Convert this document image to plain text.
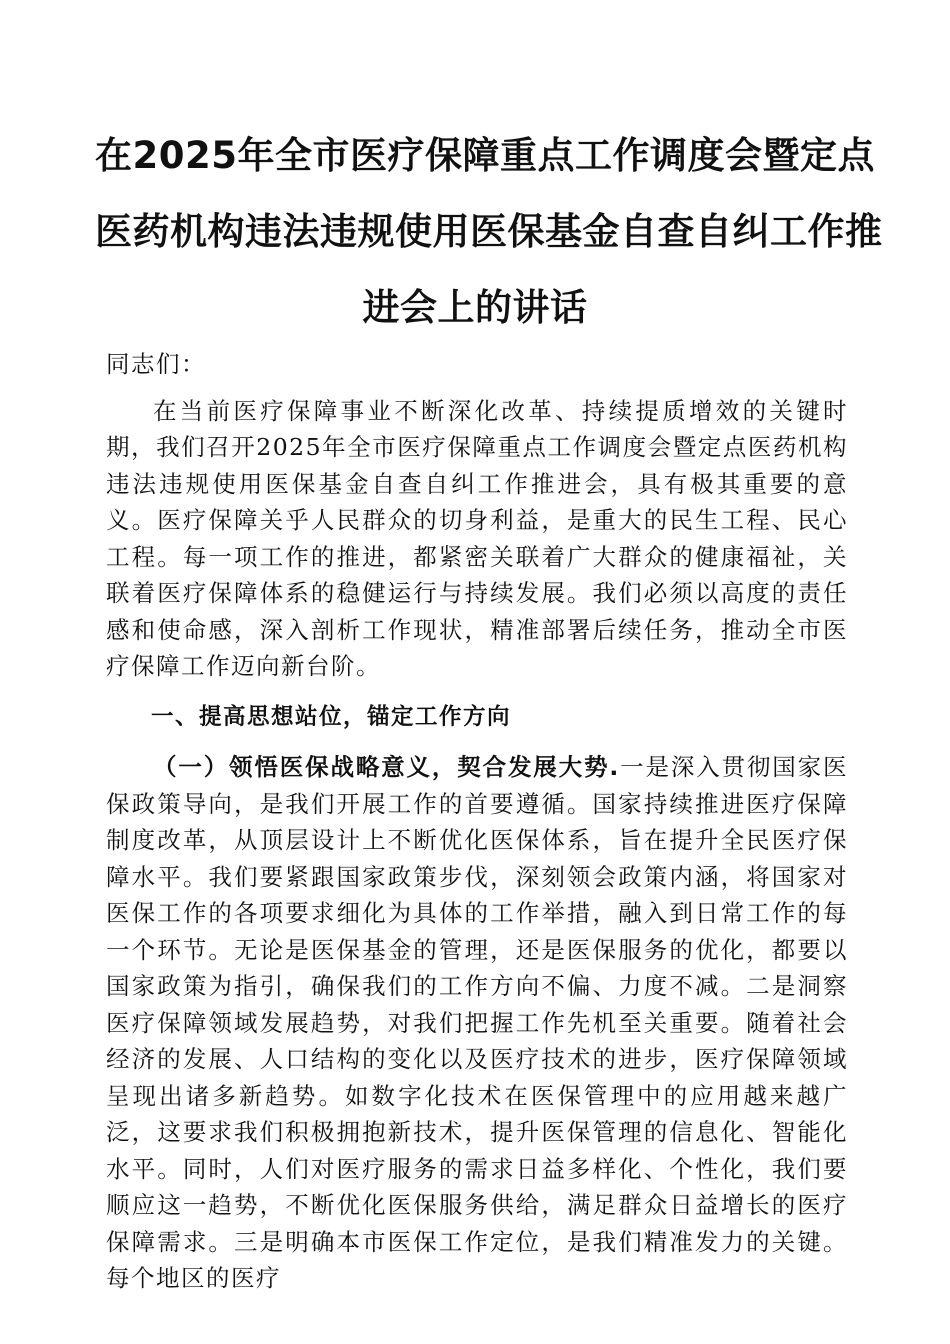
在2025年全市医疗保障重点工作调度会暨定点
医药机构违法违规使用医保基金自查自纠工作推
进会上的讲话

同志们：

在当前医疗保障事业不断深化改革、持续提质增效的关键时期，我们召开2025年全市医疗保障重点工作调度会暨定点医药机构违法违规使用医保基金自查自纠工作推进会，具有极其重要的意义。医疗保障关乎人民群众的切身利益，是重大的民生工程、民心工程。每一项工作的推进，都紧密关联着广大群众的健康福祉，关联着医疗保障体系的稳健运行与持续发展。我们必须以高度的责任感和使命感，深入剖析工作现状，精准部署后续任务，推动全市医疗保障工作迈向新台阶。

一、提高思想站位，锚定工作方向

（一）领悟医保战略意义，契合发展大势.一是深入贯彻国家医保政策导向，是我们开展工作的首要遵循。国家持续推进医疗保障制度改革，从顶层设计上不断优化医保体系，旨在提升全民医疗保障水平。我们要紧跟国家政策步伐，深刻领会政策内涵，将国家对医保工作的各项要求细化为具体的工作举措，融入到日常工作的每一个环节。无论是医保基金的管理，还是医保服务的优化，都要以国家政策为指引，确保我们的工作方向不偏、力度不减。二是洞察医疗保障领域发展趋势，对我们把握工作先机至关重要。随着社会经济的发展、人口结构的变化以及医疗技术的进步，医疗保障领域呈现出诸多新趋势。如数字化技术在医保管理中的应用越来越广泛，这要求我们积极拥抱新技术，提升医保管理的信息化、智能化水平。同时，人们对医疗服务的需求日益多样化、个性化，我们要顺应这一趋势，不断优化医保服务供给，满足群众日益增长的医疗保障需求。三是明确本市医保工作定位，是我们精准发力的关键。每个地区的医疗
